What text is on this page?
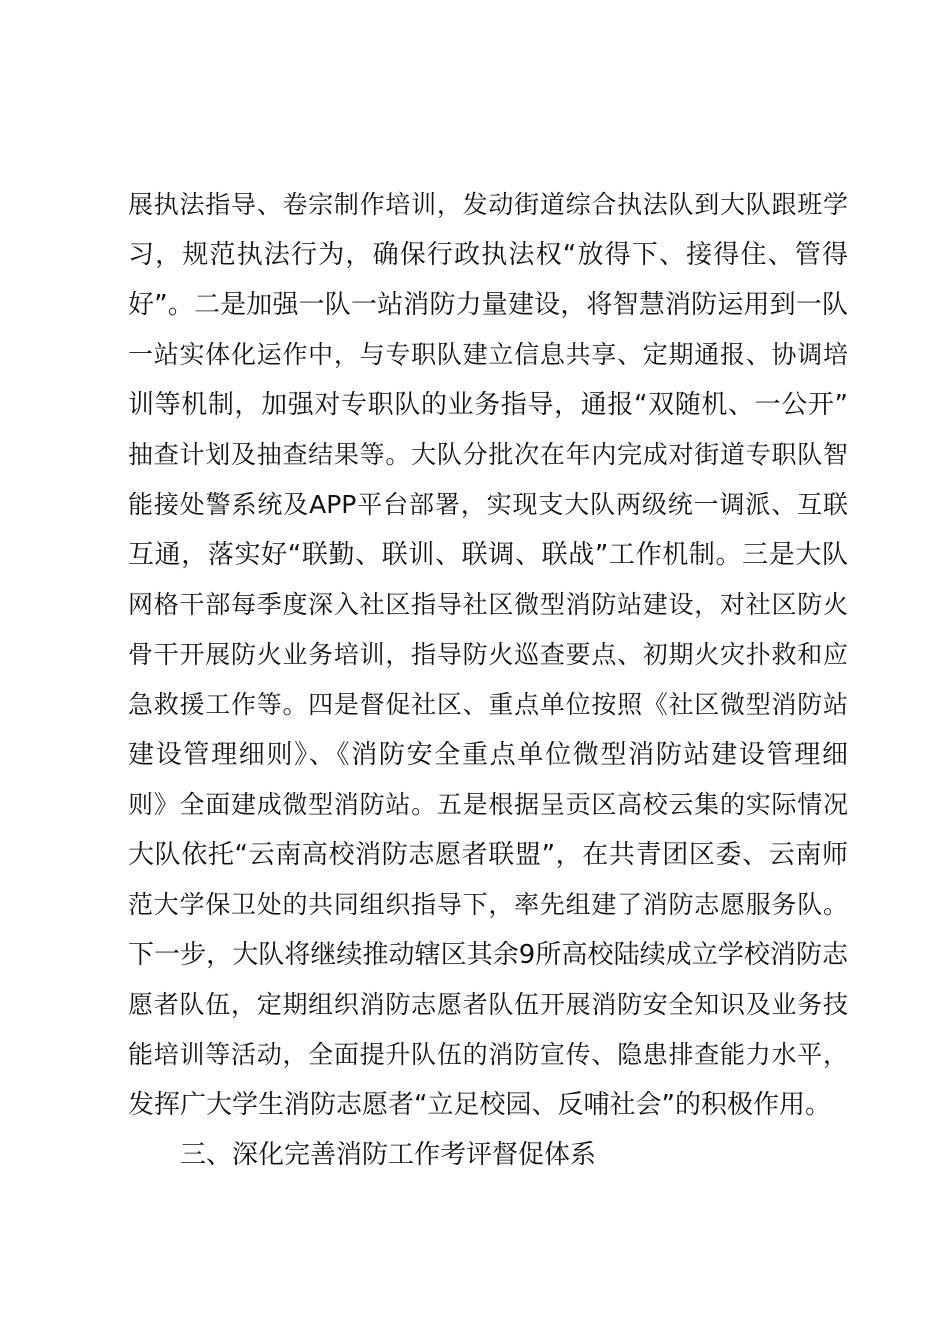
展执法指导、卷宗制作培训，发动街道综合执法队到大队跟班学
习，规范执法行为，确保行政执法权“放得下、接得住、管得
好”。二是加强一队一站消防力量建设，将智慧消防运用到一队
一站实体化运作中，与专职队建立信息共享、定期通报、协调培
训等机制，加强对专职队的业务指导，通报“双随机、一公开”
抽查计划及抽查结果等。大队分批次在年内完成对街道专职队智
能接处警系统及APP平台部署，实现支大队两级统一调派、互联
互通，落实好“联勤、联训、联调、联战”工作机制。三是大队
网格干部每季度深入社区指导社区微型消防站建设，对社区防火
骨干开展防火业务培训，指导防火巡查要点、初期火灾扑救和应
急救援工作等。四是督促社区、重点单位按照《社区微型消防站
建设管理细则》、《消防安全重点单位微型消防站建设管理细
则》全面建成微型消防站。五是根据呈贡区高校云集的实际情况
大队依托“云南高校消防志愿者联盟”，在共青团区委、云南师
范大学保卫处的共同组织指导下，率先组建了消防志愿服务队。
下一步，大队将继续推动辖区其余9所高校陆续成立学校消防志
愿者队伍，定期组织消防志愿者队伍开展消防安全知识及业务技
能培训等活动，全面提升队伍的消防宣传、隐患排查能力水平，
发挥广大学生消防志愿者“立足校园、反哺社会”的积极作用。
三、深化完善消防工作考评督促体系
